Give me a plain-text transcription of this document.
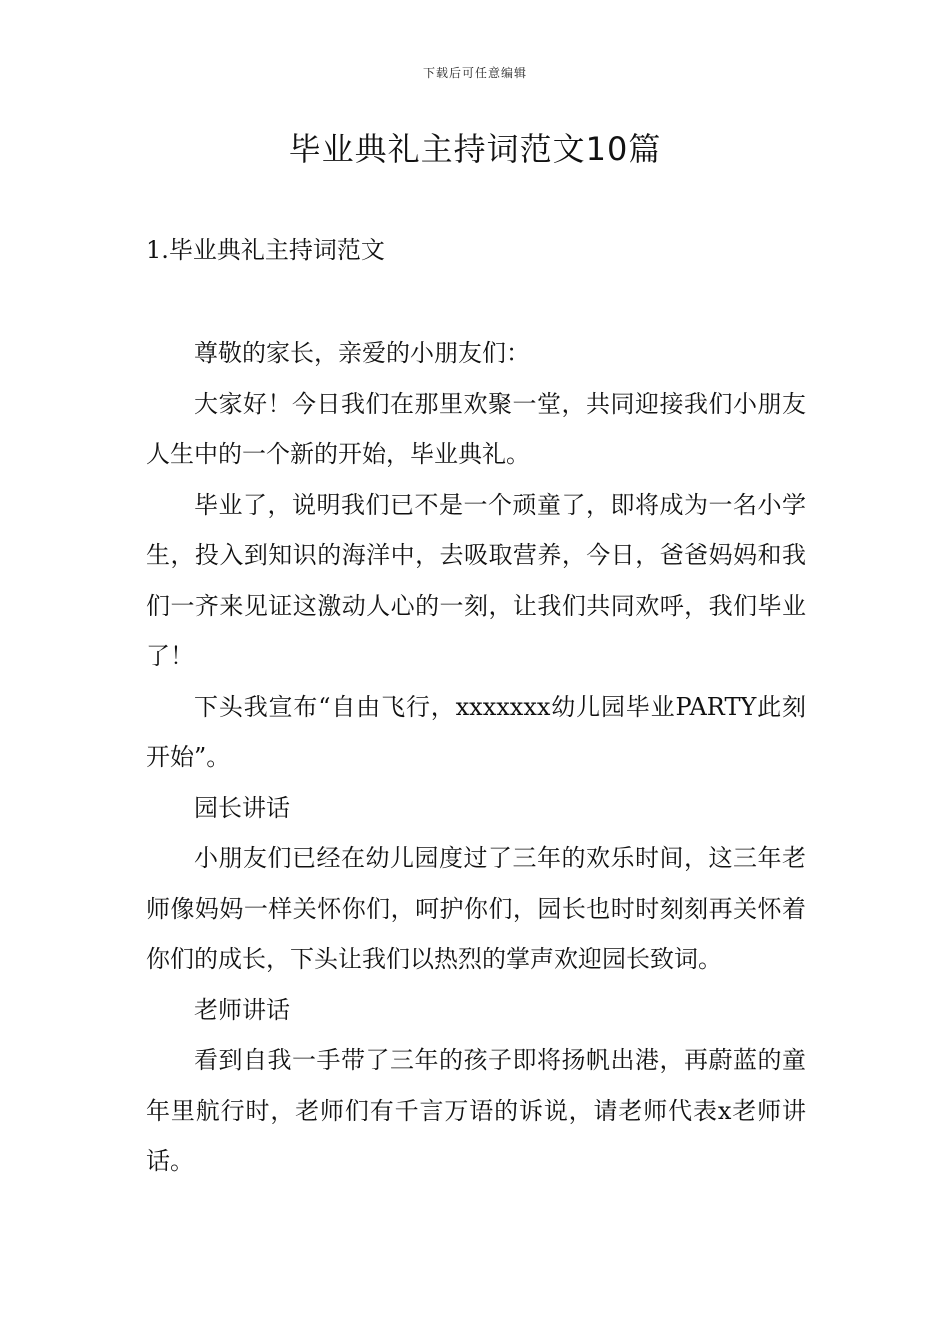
下载后可任意编辑
毕业典礼主持词范文10篇
1.毕业典礼主持词范文

尊敬的家长，亲爱的小朋友们：

大家好！今日我们在那里欢聚一堂，共同迎接我们小朋友人生中的一个新的开始，毕业典礼。

毕业了，说明我们已不是一个顽童了，即将成为一名小学生，投入到知识的海洋中，去吸取营养，今日，爸爸妈妈和我们一齐来见证这激动人心的一刻，让我们共同欢呼，我们毕业了！

下头我宣布“自由飞行，xxxxxxx幼儿园毕业PARTY此刻开始”。

园长讲话

小朋友们已经在幼儿园度过了三年的欢乐时间，这三年老师像妈妈一样关怀你们，呵护你们，园长也时时刻刻再关怀着你们的成长，下头让我们以热烈的掌声欢迎园长致词。

老师讲话

看到自我一手带了三年的孩子即将扬帆出港，再蔚蓝的童年里航行时，老师们有千言万语的诉说，请老师代表x老师讲话。
